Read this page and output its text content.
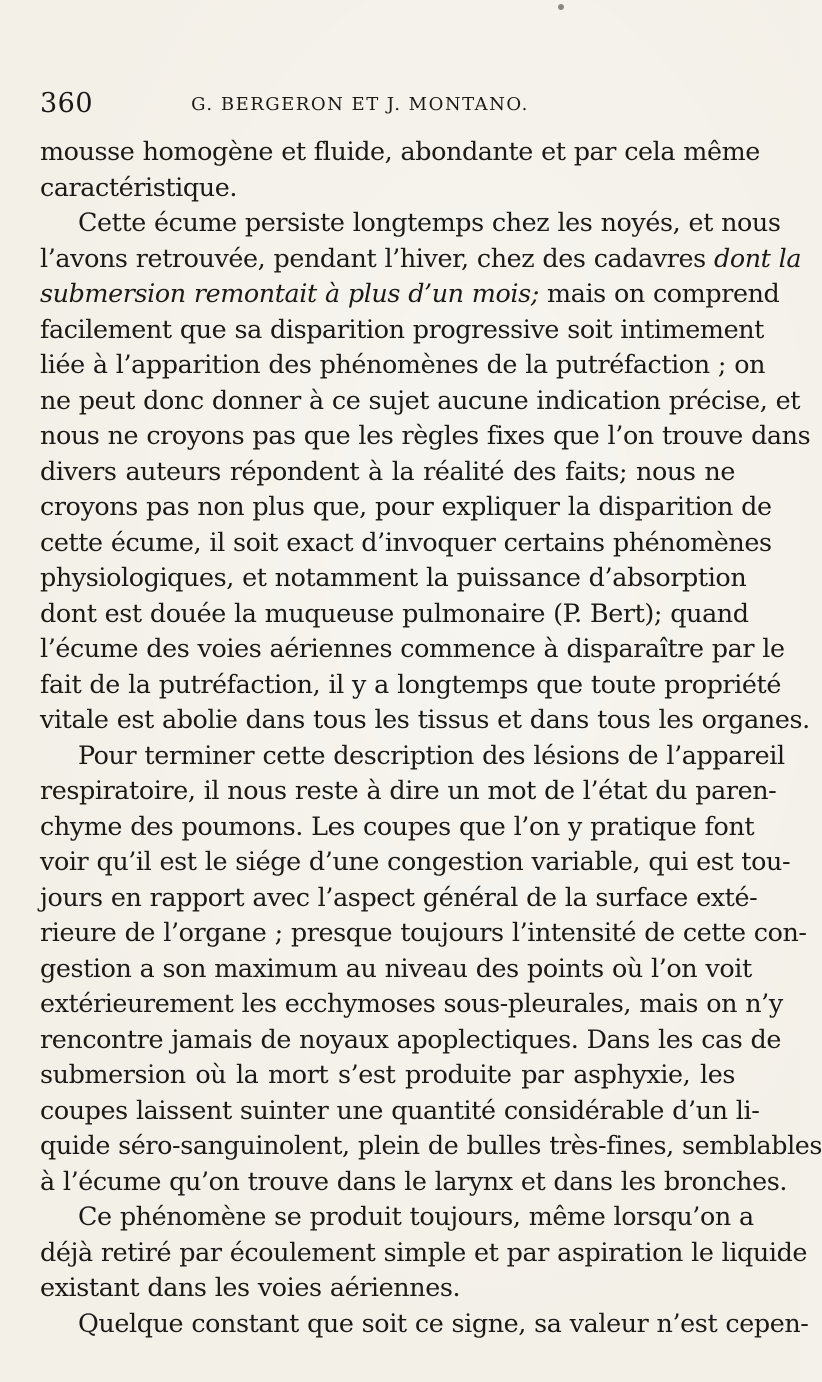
360	G. BERGERON ET J. MONTANO.
mousse homogène et fluide, abondante et par cela même
caractéristique.
Cette écume persiste longtemps chez les noyés, et nous
l’avons retrouvée, pendant l’hiver, chez des cadavres dont la
submersion remontait à plus d’un mois; mais on comprend
facilement que sa disparition progressive soit intimement
liée à l’apparition des phénomènes de la putréfaction ; on
ne peut donc donner à ce sujet aucune indication précise, et
nous ne croyons pas que les règles fixes que l’on trouve dans
divers auteurs répondent à la réalité des faits; nous ne
croyons pas non plus que, pour expliquer la disparition de
cette écume, il soit exact d’invoquer certains phénomènes
physiologiques, et notamment la puissance d’absorption
dont est douée la muqueuse pulmonaire (P. Bert); quand
l’écume des voies aériennes commence à disparaître par le
fait de la putréfaction, il y a longtemps que toute propriété
vitale est abolie dans tous les tissus et dans tous les organes.
Pour terminer cette description des lésions de l’appareil
respiratoire, il nous reste à dire un mot de l’état du paren-
chyme des poumons. Les coupes que l’on y pratique font
voir qu’il est le siége d’une congestion variable, qui est tou-
jours en rapport avec l’aspect général de la surface exté-
rieure de l’organe ; presque toujours l’intensité de cette con-
gestion a son maximum au niveau des points où l’on voit
extérieurement les ecchymoses sous-pleurales, mais on n’y
rencontre jamais de noyaux apoplectiques. Dans les cas de
submersion où la mort s’est produite par asphyxie, les
coupes laissent suinter une quantité considérable d’un li-
quide séro-sanguinolent, plein de bulles très-fines, semblables
à l’écume qu’on trouve dans le larynx et dans les bronches.
Ce phénomène se produit toujours, même lorsqu’on a
déjà retiré par écoulement simple et par aspiration le liquide
existant dans les voies aériennes.
Quelque constant que soit ce signe, sa valeur n’est cepen-
